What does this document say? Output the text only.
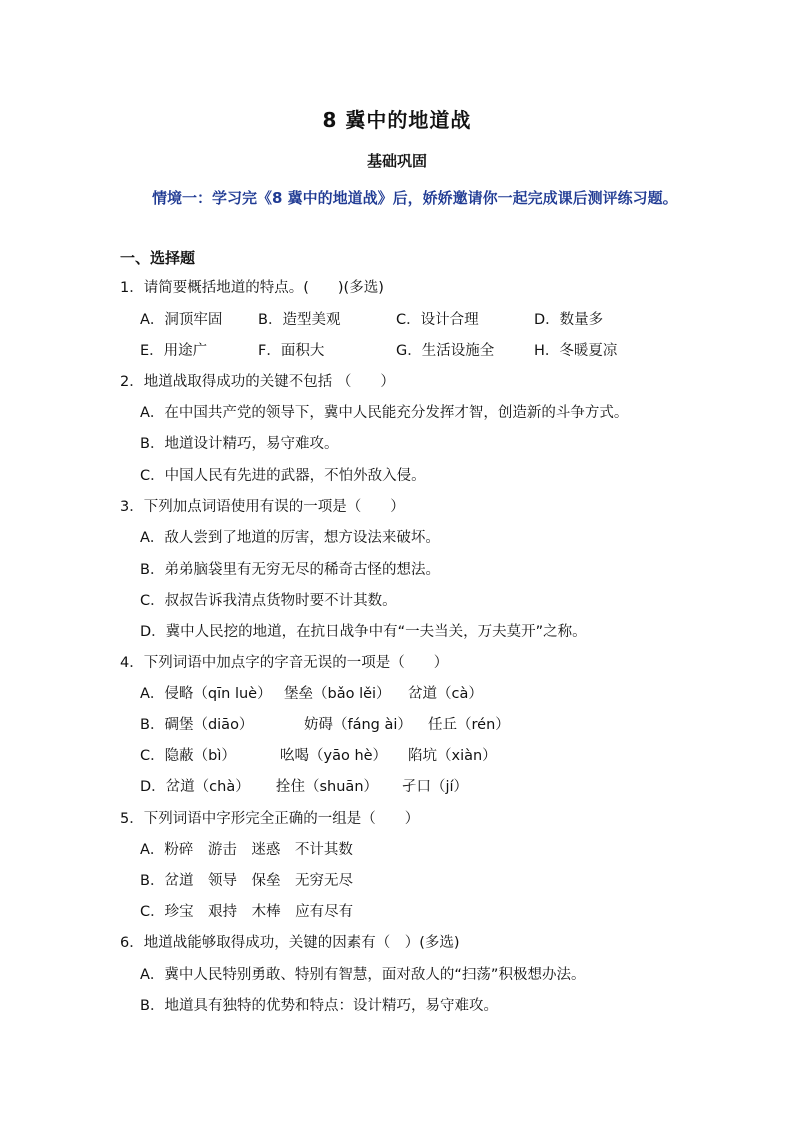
8 冀中的地道战
基础巩固
情境一：学习完《8 冀中的地道战》后，娇娇邀请你一起完成课后测评练习题。
一、选择题
1．请简要概括地道的特点。(　　)(多选)
A．洞顶牢固 B．造型美观	C．设计合理	D．数量多
E．用途广	F．面积大	G．生活设施全	H．冬暖夏凉
2．地道战取得成功的关键不包括 （　　）
A．在中国共产党的领导下，冀中人民能充分发挥才智，创造新的斗争方式。
B．地道设计精巧，易守难攻。
C．中国人民有先进的武器，不怕外敌入侵。
3．下列加点词语使用有误的一项是（　　）
A．敌人尝到了地道的厉害，想方设法来破坏。
B．弟弟脑袋里有无穷无尽的稀奇古怪的想法。
C．叔叔告诉我清点货物时要不计其数。
D．冀中人民挖的地道，在抗日战争中有“一夫当关，万夫莫开”之称。
4．下列词语中加点字的字音无误的一项是（　　）
A．侵略（qīn luè） 堡垒（bǎo lěi） 岔道（cà）
B．碉堡（diāo）	妨碍（fáng ài） 任丘（rén）
C．隐蔽（bì）	吆喝（yāo hè） 陷坑（xiàn）
D．岔道（chà） 拴住（shuān） 孑口（jí）
5．下列词语中字形完全正确的一组是（　　）
A．粉碎　游击　迷惑　不计其数
B．岔道　领导　保垒　无穷无尽
C．珍宝　艰持　木棒　应有尽有
6．地道战能够取得成功，关键的因素有（　）(多选)
A．冀中人民特别勇敢、特别有智慧，面对敌人的“扫荡”积极想办法。
B．地道具有独特的优势和特点：设计精巧，易守难攻。
